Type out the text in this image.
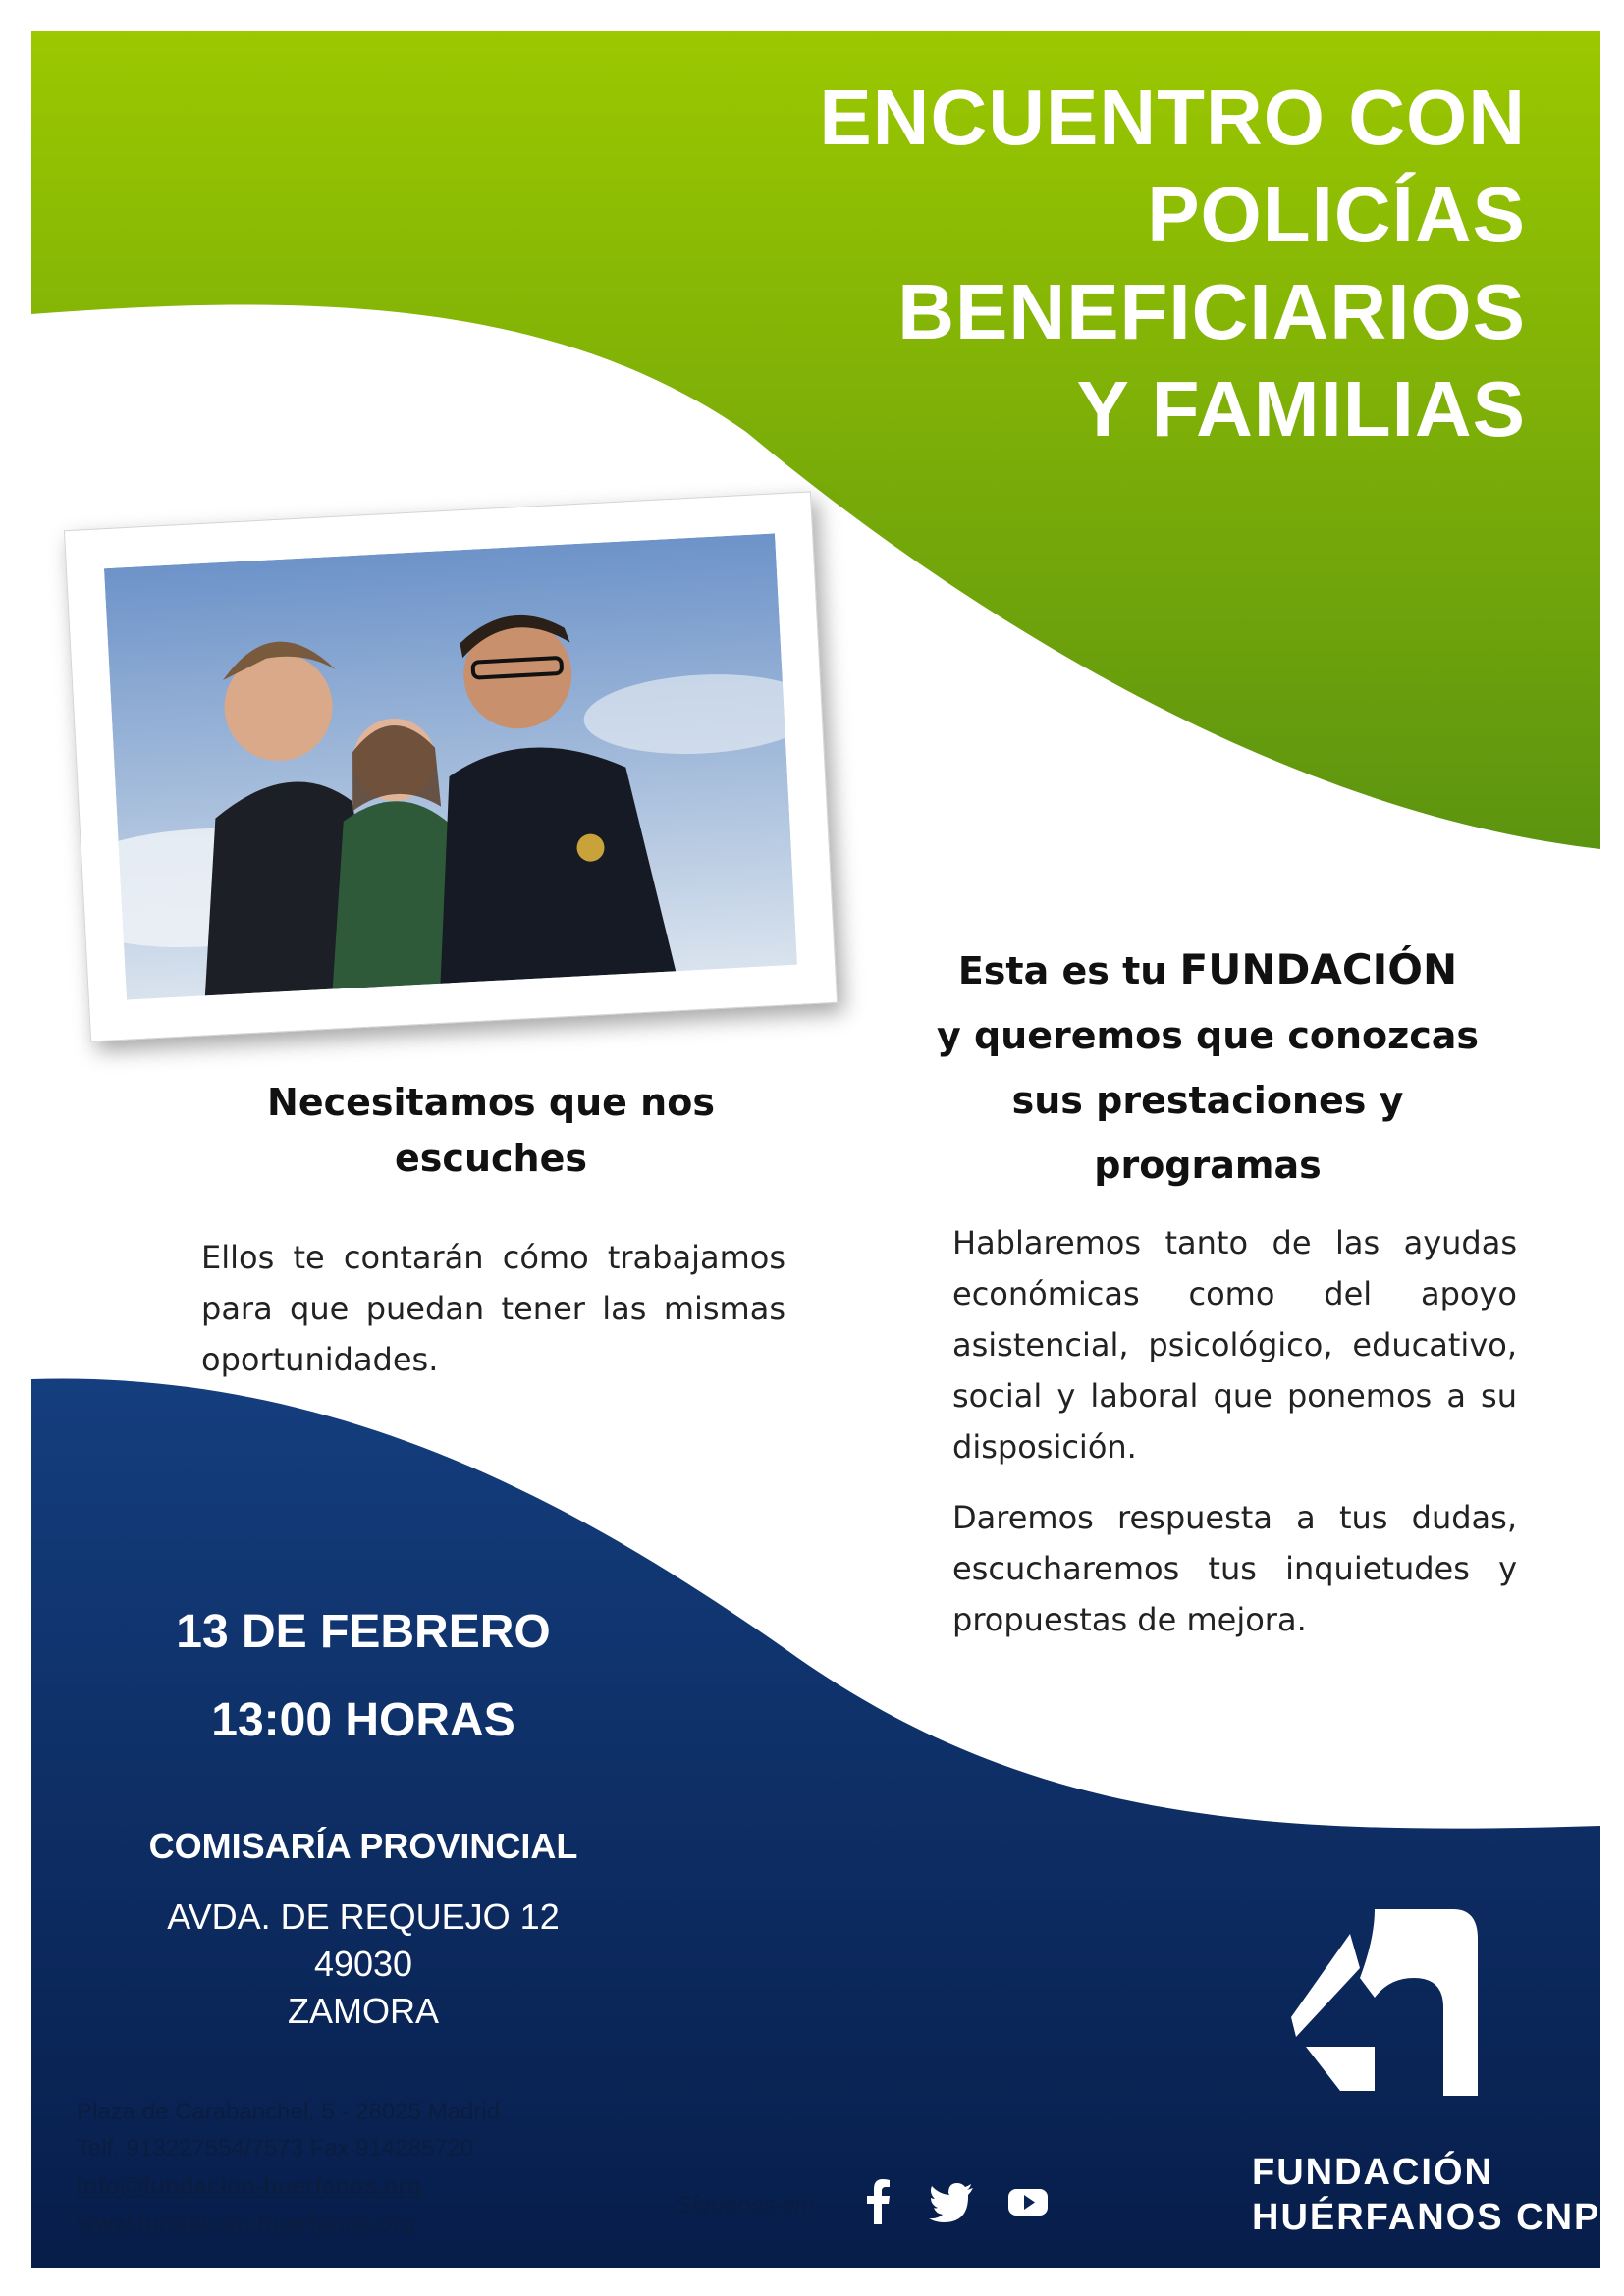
ENCUENTRO CON
POLICÍAS
BENEFICIARIOS
Y FAMILIAS
Necesitamos que nos
escuches
Ellos te contarán cómo trabajamos para que puedan tener las mismas oportunidades.
Esta es tu FUNDACIÓN
y queremos que conozcas
sus prestaciones y
programas

Hablaremos tanto de las ayudas económicas como del apoyo asistencial, psicológico, educativo, social y laboral que ponemos a su disposición.

Daremos respuesta a tus dudas, escucharemos tus inquietudes y propuestas de mejora.

13 DE FEBRERO
13:00 HORAS
COMISARÍA PROVINCIAL
AVDA. DE REQUEJO 12
49030
ZAMORA
Plaza de Carabanchel, 5 - 28025 Madrid
Telf. 913227554/7573 Fax 914285720
info@fundacion-huerfanos.org
www.fundacion-huerfanos.org
Síguenos en:
FUNDACIÓN
HUÉRFANOS CNP
